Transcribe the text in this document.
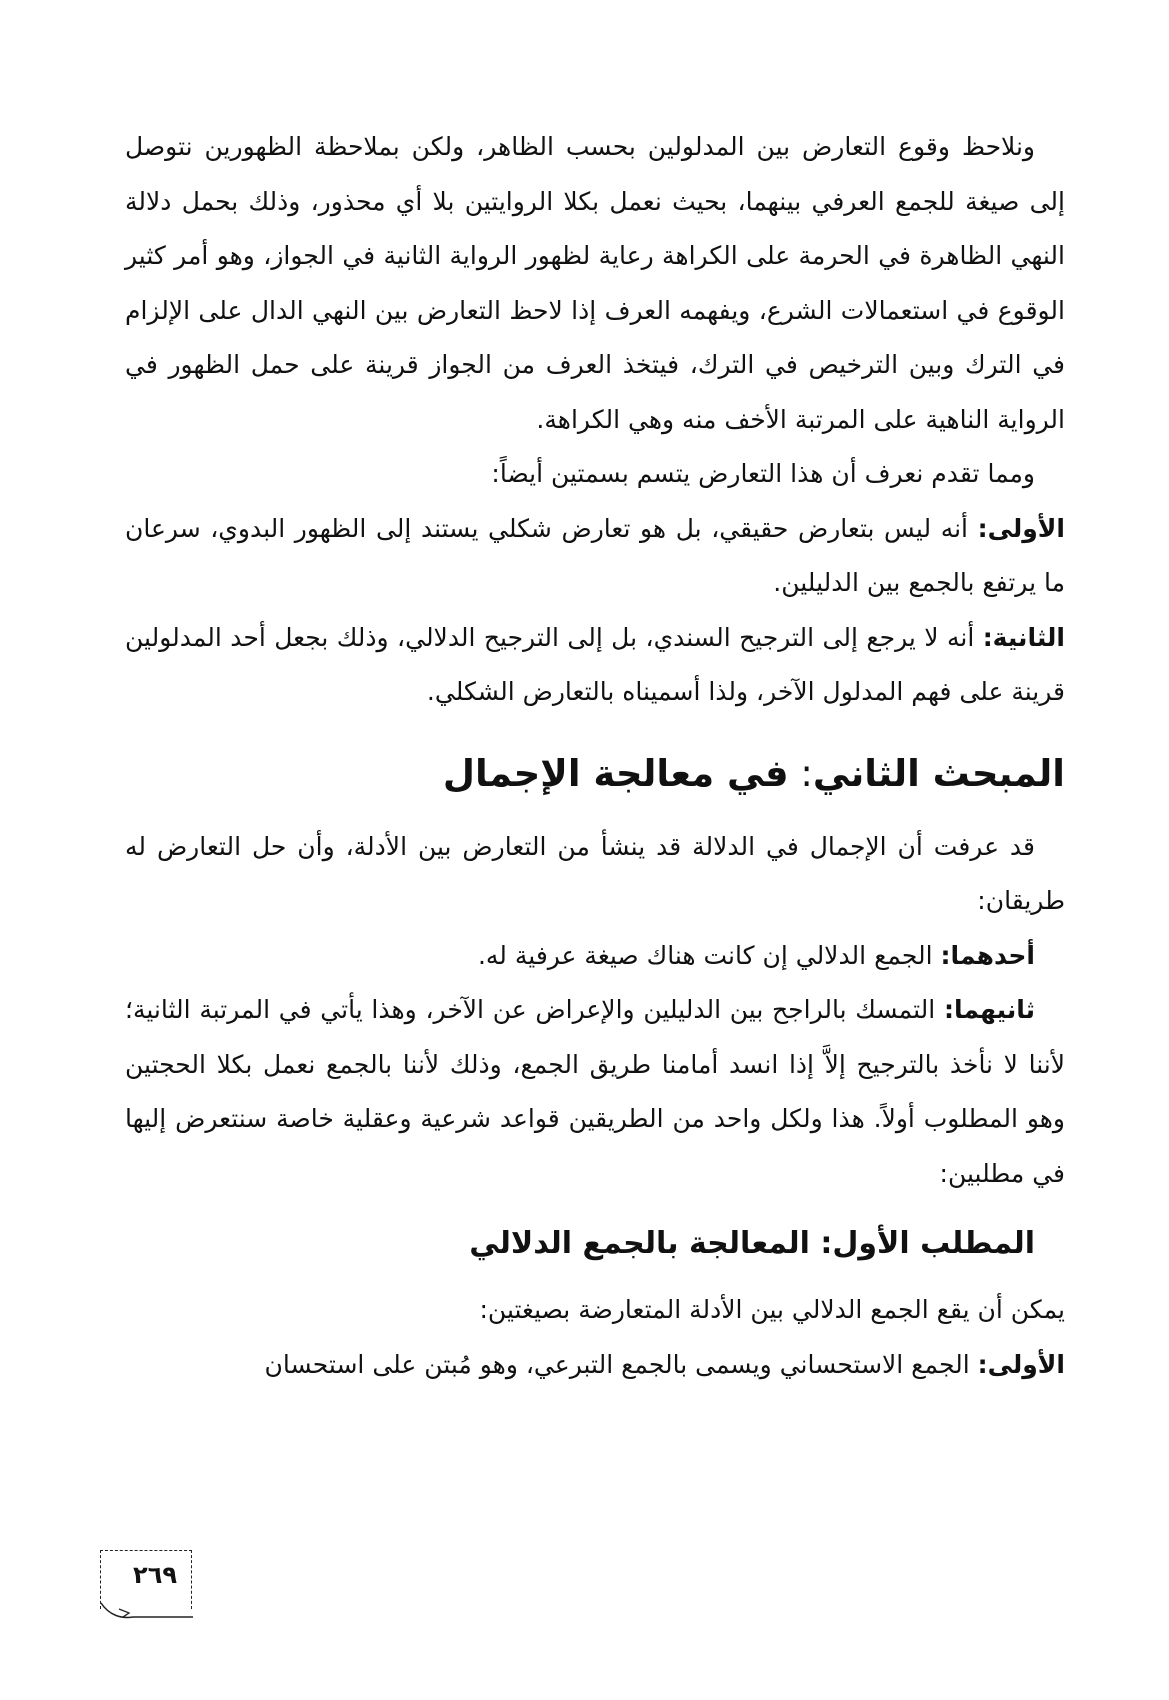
ونلاحظ وقوع التعارض بين المدلولين بحسب الظاهر، ولكن بملاحظة الظهورين نتوصل إلى صيغة للجمع العرفي بينهما، بحيث نعمل بكلا الروايتين بلا أي محذور، وذلك بحمل دلالة النهي الظاهرة في الحرمة على الكراهة رعاية لظهور الرواية الثانية في الجواز، وهو أمر كثير الوقوع في استعمالات الشرع، ويفهمه العرف إذا لاحظ التعارض بين النهي الدال على الإلزام في الترك وبين الترخيص في الترك، فيتخذ العرف من الجواز قرينة على حمل الظهور في الرواية الناهية على المرتبة الأخف منه وهي الكراهة.

ومما تقدم نعرف أن هذا التعارض يتسم بسمتين أيضاً:

الأولى: أنه ليس بتعارض حقيقي، بل هو تعارض شكلي يستند إلى الظهور البدوي، سرعان ما يرتفع بالجمع بين الدليلين.

الثانية: أنه لا يرجع إلى الترجيح السندي، بل إلى الترجيح الدلالي، وذلك بجعل أحد المدلولين قرينة على فهم المدلول الآخر، ولذا أسميناه بالتعارض الشكلي.

المبحث الثاني: في معالجة الإجمال

قد عرفت أن الإجمال في الدلالة قد ينشأ من التعارض بين الأدلة، وأن حل التعارض له طريقان:

أحدهما: الجمع الدلالي إن كانت هناك صيغة عرفية له.

ثانيهما: التمسك بالراجح بين الدليلين والإعراض عن الآخر، وهذا يأتي في المرتبة الثانية؛ لأننا لا نأخذ بالترجيح إلاَّ إذا انسد أمامنا طريق الجمع، وذلك لأننا بالجمع نعمل بكلا الحجتين وهو المطلوب أولاً. هذا ولكل واحد من الطريقين قواعد شرعية وعقلية خاصة سنتعرض إليها في مطلبين:

المطلب الأول: المعالجة بالجمع الدلالي

يمكن أن يقع الجمع الدلالي بين الأدلة المتعارضة بصيغتين:

الأولى: الجمع الاستحساني ويسمى بالجمع التبرعي، وهو مُبتن على استحسان

٢٦٩
